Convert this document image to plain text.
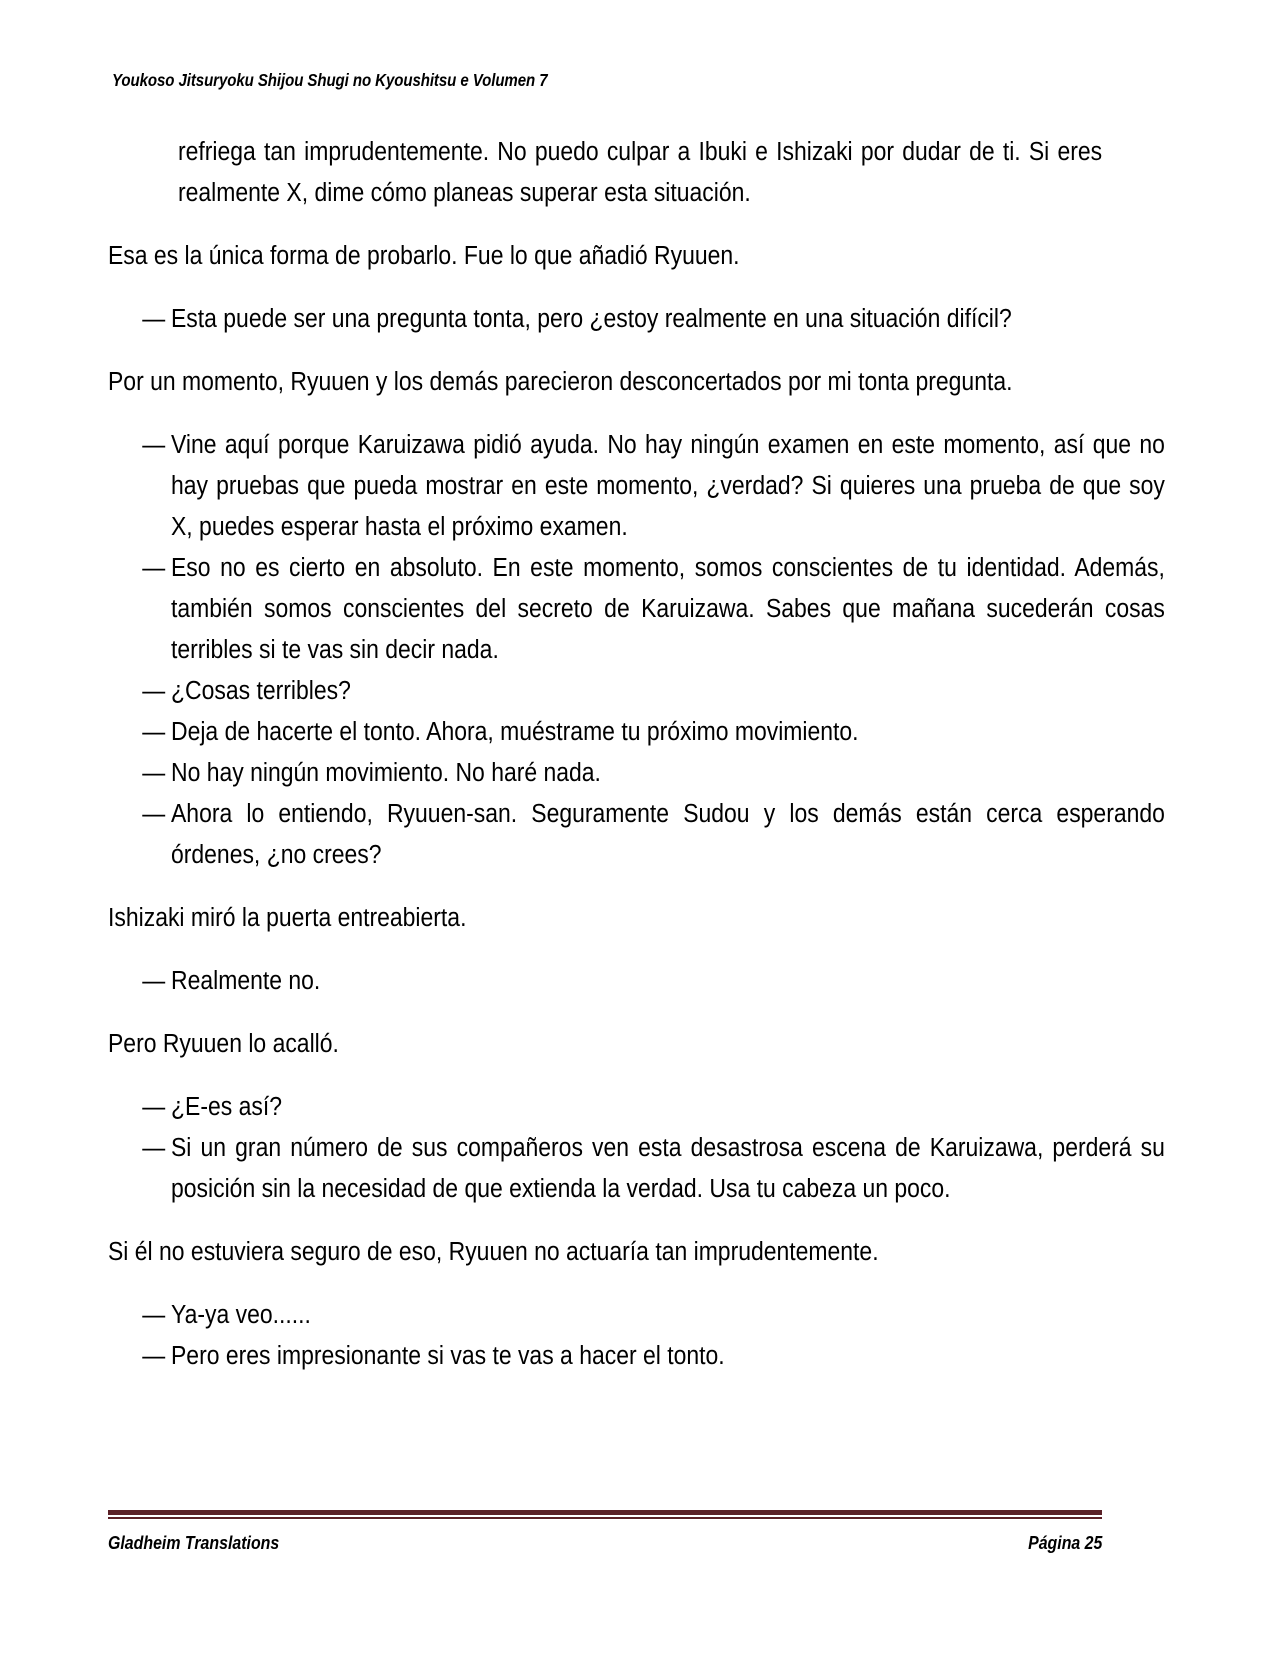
Youkoso Jitsuryoku Shijou Shugi no Kyoushitsu e Volumen 7

refriega tan imprudentemente. No puedo culpar a Ibuki e Ishizaki por dudar de ti. Si eres realmente X, dime cómo planeas superar esta situación.

Esa es la única forma de probarlo. Fue lo que añadió Ryuuen.

— Esta puede ser una pregunta tonta, pero ¿estoy realmente en una situación difícil?

Por un momento, Ryuuen y los demás parecieron desconcertados por mi tonta pregunta.

— Vine aquí porque Karuizawa pidió ayuda. No hay ningún examen en este momento, así que no hay pruebas que pueda mostrar en este momento, ¿verdad? Si quieres una prueba de que soy X, puedes esperar hasta el próximo examen.
— Eso no es cierto en absoluto. En este momento, somos conscientes de tu identidad. Además, también somos conscientes del secreto de Karuizawa. Sabes que mañana sucederán cosas terribles si te vas sin decir nada.
— ¿Cosas terribles?
— Deja de hacerte el tonto. Ahora, muéstrame tu próximo movimiento.
— No hay ningún movimiento. No haré nada.
— Ahora lo entiendo, Ryuuen-san. Seguramente Sudou y los demás están cerca esperando órdenes, ¿no crees?

Ishizaki miró la puerta entreabierta.

— Realmente no.

Pero Ryuuen lo acalló.

— ¿E-es así?
— Si un gran número de sus compañeros ven esta desastrosa escena de Karuizawa, perderá su posición sin la necesidad de que extienda la verdad. Usa tu cabeza un poco.

Si él no estuviera seguro de eso, Ryuuen no actuaría tan imprudentemente.

— Ya-ya veo......
— Pero eres impresionante si vas te vas a hacer el tonto.
Gladheim Translations	Página 25
